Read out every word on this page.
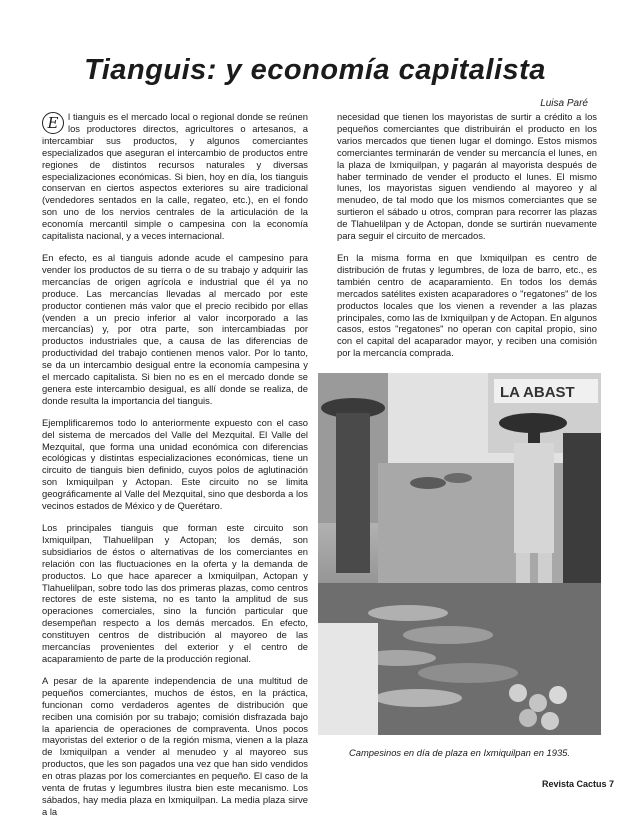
Tianguis: y economía capitalista
Luisa Paré

E	l tianguis es el mercado local o regional donde se reúnen los productores directos, agricultores o artesanos, a intercambiar sus productos, y algunos comerciantes especializados que aseguran el intercambio de productos entre regiones de distintos recursos naturales y diversas especializaciones económicas. Si bien, hoy en día, los tianguis conservan en ciertos aspectos exteriores su aire tradicional (vendedores sentados en la calle, regateo, etc.), en el fondo son uno de los nervios centrales de la articulación de la economía mercantil simple o campesina con la economía capitalista nacional, y a veces internacional.

En efecto, es al tianguis adonde acude el campesino para vender los productos de su tierra o de su trabajo y adquirir las mercancías de origen agrícola e industrial que él ya no produce. Las mercancías llevadas al mercado por este productor contienen más valor que el precio recibido por ellas (venden a un precio inferior al valor incorporado a las mercancías) y, por otra parte, son intercambiadas por productos industriales que, a causa de las diferencias de productividad del trabajo contienen menos valor. Por lo tanto, se da un intercambio desigual entre la economía campesina y el mercado capitalista. Si bien no es en el mercado donde se genera este intercambio desigual, es allí donde se realiza, de donde resulta la importancia del tianguis.

Ejemplificaremos todo lo anteriormente expuesto con el caso del sistema de mercados del Valle del Mezquital. El Valle del Mezquital, que forma una unidad económica con diferencias ecológicas y distintas especializaciones económicas, tiene un circuito de tianguis bien definido, cuyos polos de aglutinación son Ixmiquilpan y Actopan. Este circuito no se limita geográficamente al Valle del Mezquital, sino que desborda a los vecinos estados de México y de Querétaro.

Los principales tianguis que forman este circuito son Ixmiquilpan, Tlahuelilpan y Actopan; los demás, son subsidiarios de éstos o alternativas de los comerciantes en relación con las fluctuaciones en la oferta y la demanda de productos. Lo que hace aparecer a Ixmiquilpan, Actopan y Tlahuelilpan, sobre todo las dos primeras plazas, como centros rectores de este sistema, no es tanto la amplitud de sus operaciones comerciales, sino la función particular que desempeñan respecto a los demás mercados. En efecto, constituyen centros de distribución al mayoreo de las mercancías provenientes del exterior y el centro de acaparamiento de parte de la producción regional.

A pesar de la aparente independencia de una multitud de pequeños comerciantes, muchos de éstos, en la práctica, funcionan como verdaderos agentes de distribución que reciben una comisión por su trabajo; comisión disfrazada bajo la apariencia de operaciones de compraventa. Unos pocos mayoristas del exterior o de la región misma, vienen a la plaza de Ixmiquilpan a vender al menudeo y al mayoreo sus productos, que les son pagados una vez que han sido vendidos en otras plazas por los comerciantes en pequeño. El caso de la venta de frutas y legumbres ilustra bien este mecanismo. Los sábados, hay media plaza en Ixmiquilpan. La media plaza sirve a la

necesidad que tienen los mayoristas de surtir a crédito a los pequeños comerciantes que distribuirán el producto en los varios mercados que tienen lugar el domingo. Estos mismos comerciantes terminarán de vender su mercancía el lunes, en la plaza de Ixmiquilpan, y pagarán al mayorista después de haber terminado de vender el producto el lunes. El mismo lunes, los mayoristas siguen vendiendo al mayoreo y al menudeo, de tal modo que los mismos comerciantes que se surtieron el sábado u otros, compran para recorrer las plazas de Tlahuelilpan y de Actopan, donde se surtirán nuevamente para seguir el circuito de mercados.

En la misma forma en que Ixmiquilpan es centro de distribución de frutas y legumbres, de loza de barro, etc., es también centro de acaparamiento. En todos los demás mercados satélites existen acaparadores o "regatones" de los productos locales que los vienen a revender a las plazas principales, como las de Ixmiquilpan y de Actopan. En algunos casos, estos "regatones" no operan con capital propio, sino con el capital del acaparador mayor, y reciben una comisión por la mercancía comprada.

LA ABAST
Campesinos en día de plaza en Ixmiquilpan en 1935.
Revista Cactus 7
